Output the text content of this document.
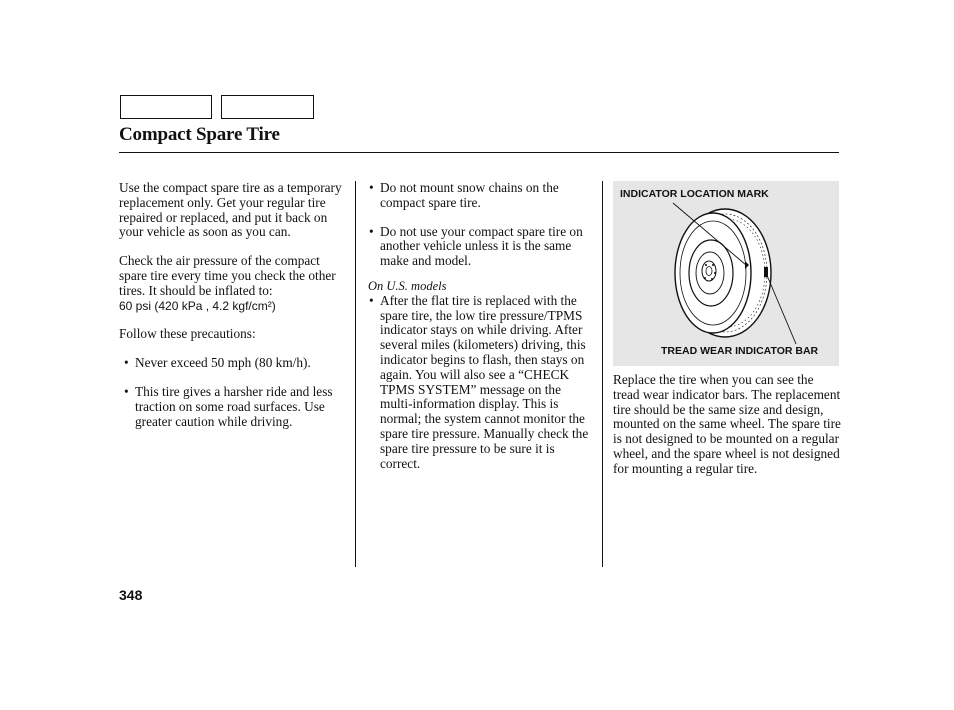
Compact Spare Tire

Use the compact spare tire as a temporary replacement only. Get your regular tire repaired or replaced, and put it back on your vehicle as soon as you can.

Check the air pressure of the compact spare tire every time you check the other tires. It should be inflated to:

60 psi (420 kPa , 4.2 kgf/cm²)

Follow these precautions:

• Never exceed 50 mph (80 km/h).

• This tire gives a harsher ride and less traction on some road surfaces. Use greater caution while driving.

• Do not mount snow chains on the compact spare tire.

• Do not use your compact spare tire on another vehicle unless it is the same make and model.

On U.S. models

• After the flat tire is replaced with the spare tire, the low tire pressure/TPMS indicator stays on while driving. After several miles (kilometers) driving, this indicator begins to flash, then stays on again. You will also see a “CHECK TPMS SYSTEM” message on the multi-information display. This is normal; the system cannot monitor the spare tire pressure. Manually check the spare tire pressure to be sure it is correct.

INDICATOR LOCATION MARK
TREAD WEAR INDICATOR BAR

Replace the tire when you can see the tread wear indicator bars. The replacement tire should be the same size and design, mounted on the same wheel. The spare tire is not designed to be mounted on a regular wheel, and the spare wheel is not designed for mounting a regular tire.

348
